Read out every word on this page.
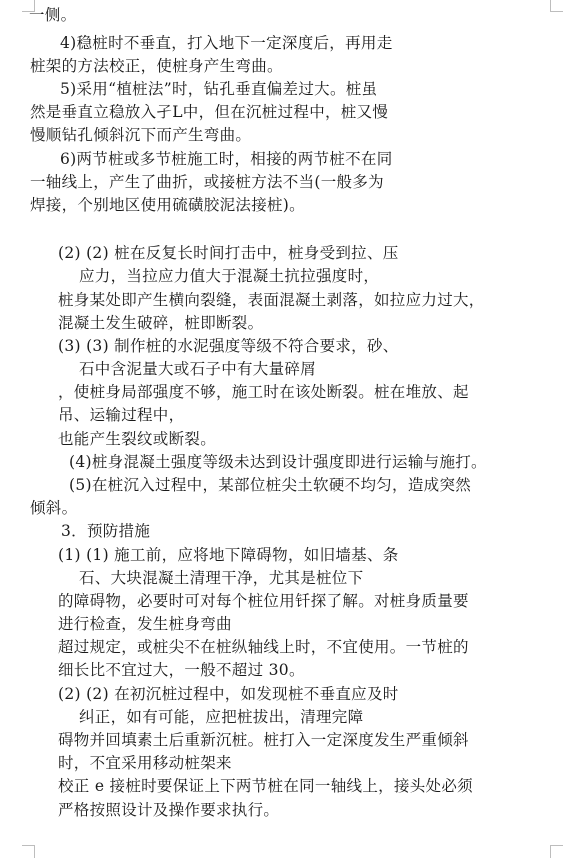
一侧。
4)稳桩时不垂直，打入地下一定深度后，再用走
桩架的方法校正，使桩身产生弯曲。
5)采用“植桩法”时，钻孔垂直偏差过大。桩虽
然是垂直立稳放入孑L中，但在沉桩过程中，桩又慢
慢顺钻孔倾斜沉下而产生弯曲。
6)两节桩或多节桩施工时，相接的两节桩不在同
一轴线上，产生了曲折，或接桩方法不当(一般多为
焊接，个别地区使用硫磺胶泥法接桩)。
(2) (2) 桩在反复长时间打击中，桩身受到拉、压
应力，当拉应力值大于混凝土抗拉强度时，
桩身某处即产生横向裂缝，表面混凝土剥落，如拉应力过大，
混凝土发生破碎，桩即断裂。
(3) (3) 制作桩的水泥强度等级不符合要求，砂、
石中含泥量大或石子中有大量碎屑
，使桩身局部强度不够，施工时在该处断裂。桩在堆放、起
吊、运输过程中，
也能产生裂纹或断裂。
(4)桩身混凝土强度等级未达到设计强度即进行运输与施打。
(5)在桩沉入过程中，某部位桩尖土软硬不均匀，造成突然
倾斜。
3．预防措施
(1) (1) 施工前，应将地下障碍物，如旧墙基、条
石、大块混凝土清理干净，尤其是桩位下
的障碍物，必要时可对每个桩位用钎探了解。对桩身质量要
进行检查，发生桩身弯曲
超过规定，或桩尖不在桩纵轴线上时，不宜使用。一节桩的
细长比不宜过大，一般不超过 30。
(2) (2) 在初沉桩过程中，如发现桩不垂直应及时
纠正，如有可能，应把桩拔出，清理完障
碍物并回填素土后重新沉桩。桩打入一定深度发生严重倾斜
时，不宜采用移动桩架来
校正 e 接桩时要保证上下两节桩在同一轴线上，接头处必须
严格按照设计及操作要求执行。
